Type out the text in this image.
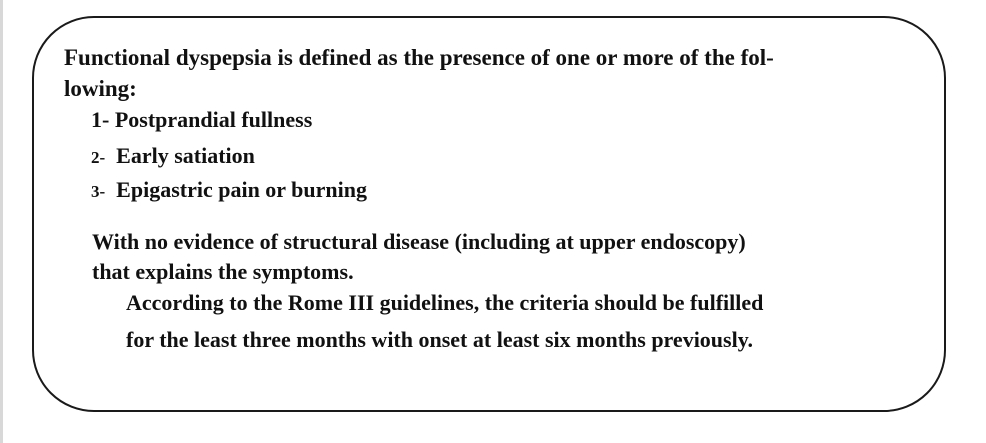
Functional dyspepsia is defined as the presence of one or more of the fol-
lowing:
1- Postprandial fullness
2- Early satiation
3- Epigastric pain or burning
With no evidence of structural disease (including at upper endoscopy)
that explains the symptoms.
According to the Rome III guidelines, the criteria should be fulfilled
for the least three months with onset at least six months previously.
